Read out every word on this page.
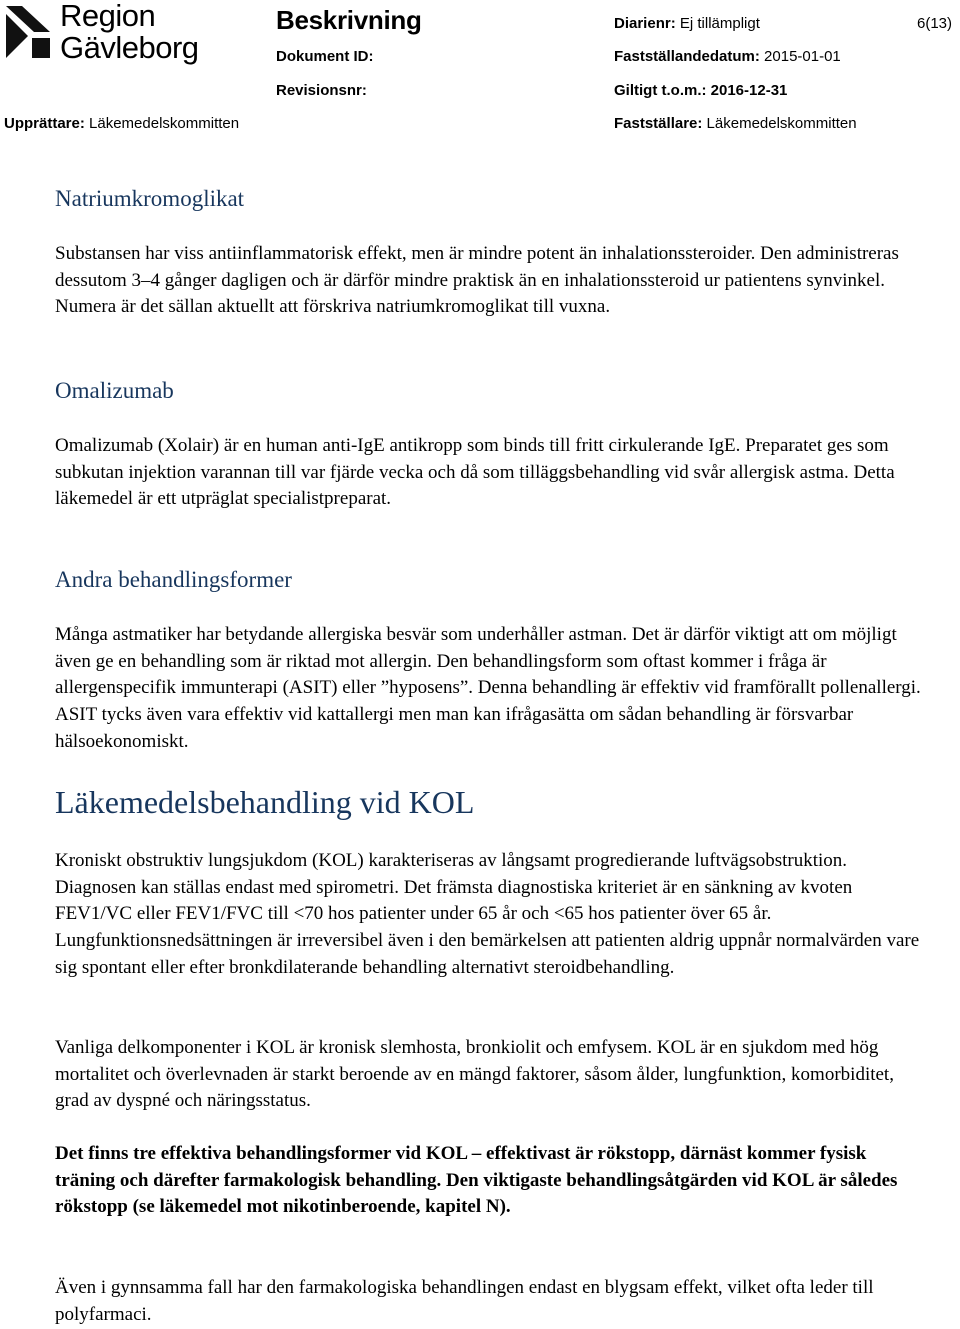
Region
Gävleborg
Beskrivning	Diarienr: Ej tillämpligt	6(13)
Dokument ID:	Fastställandedatum: 2015-01-01
Revisionsnr:	Giltigt t.o.m.: 2016-12-31
Upprättare: Läkemedelskommitten	Fastställare: Läkemedelskommitten
Natriumkromoglikat

Substansen har viss antiinflammatorisk effekt, men är mindre potent än inhalationssteroider. Den administreras dessutom 3–4 gånger dagligen och är därför mindre praktisk än en inhalationssteroid ur patientens synvinkel. Numera är det sällan aktuellt att förskriva natriumkromoglikat till vuxna.

Omalizumab

Omalizumab (Xolair) är en human anti-IgE antikropp som binds till fritt cirkulerande IgE. Preparatet ges som subkutan injektion varannan till var fjärde vecka och då som tilläggsbehandling vid svår allergisk astma. Detta läkemedel är ett utpräglat specialistpreparat.

Andra behandlingsformer

Många astmatiker har betydande allergiska besvär som underhåller astman. Det är därför viktigt att om möjligt även ge en behandling som är riktad mot allergin. Den behandlingsform som oftast kommer i fråga är allergenspecifik immunterapi (ASIT) eller ”hyposens”. Denna behandling är effektiv vid framförallt pollenallergi. ASIT tycks även vara effektiv vid kattallergi men man kan ifrågasätta om sådan behandling är försvarbar hälsoekonomiskt.

Läkemedelsbehandling vid KOL

Kroniskt obstruktiv lungsjukdom (KOL) karakteriseras av långsamt progredierande luftvägsobstruktion. Diagnosen kan ställas endast med spirometri. Det främsta diagnostiska kriteriet är en sänkning av kvoten FEV1/VC eller FEV1/FVC till <70 hos patienter under 65 år och <65 hos patienter över 65 år. Lungfunktionsnedsättningen är irreversibel även i den bemärkelsen att patienten aldrig uppnår normalvärden vare sig spontant eller efter bronkdilaterande behandling alternativt steroidbehandling.

Vanliga delkomponenter i KOL är kronisk slemhosta, bronkiolit och emfysem. KOL är en sjukdom med hög mortalitet och överlevnaden är starkt beroende av en mängd faktorer, såsom ålder, lungfunktion, komorbiditet, grad av dyspné och näringsstatus.

Det finns tre effektiva behandlingsformer vid KOL – effektivast är rökstopp, därnäst kommer fysisk träning och därefter farmakologisk behandling. Den viktigaste behandlingsåtgärden vid KOL är således rökstopp (se läkemedel mot nikotinberoende, kapitel N).

Även i gynnsamma fall har den farmakologiska behandlingen endast en blygsam effekt, vilket ofta leder till polyfarmaci.
